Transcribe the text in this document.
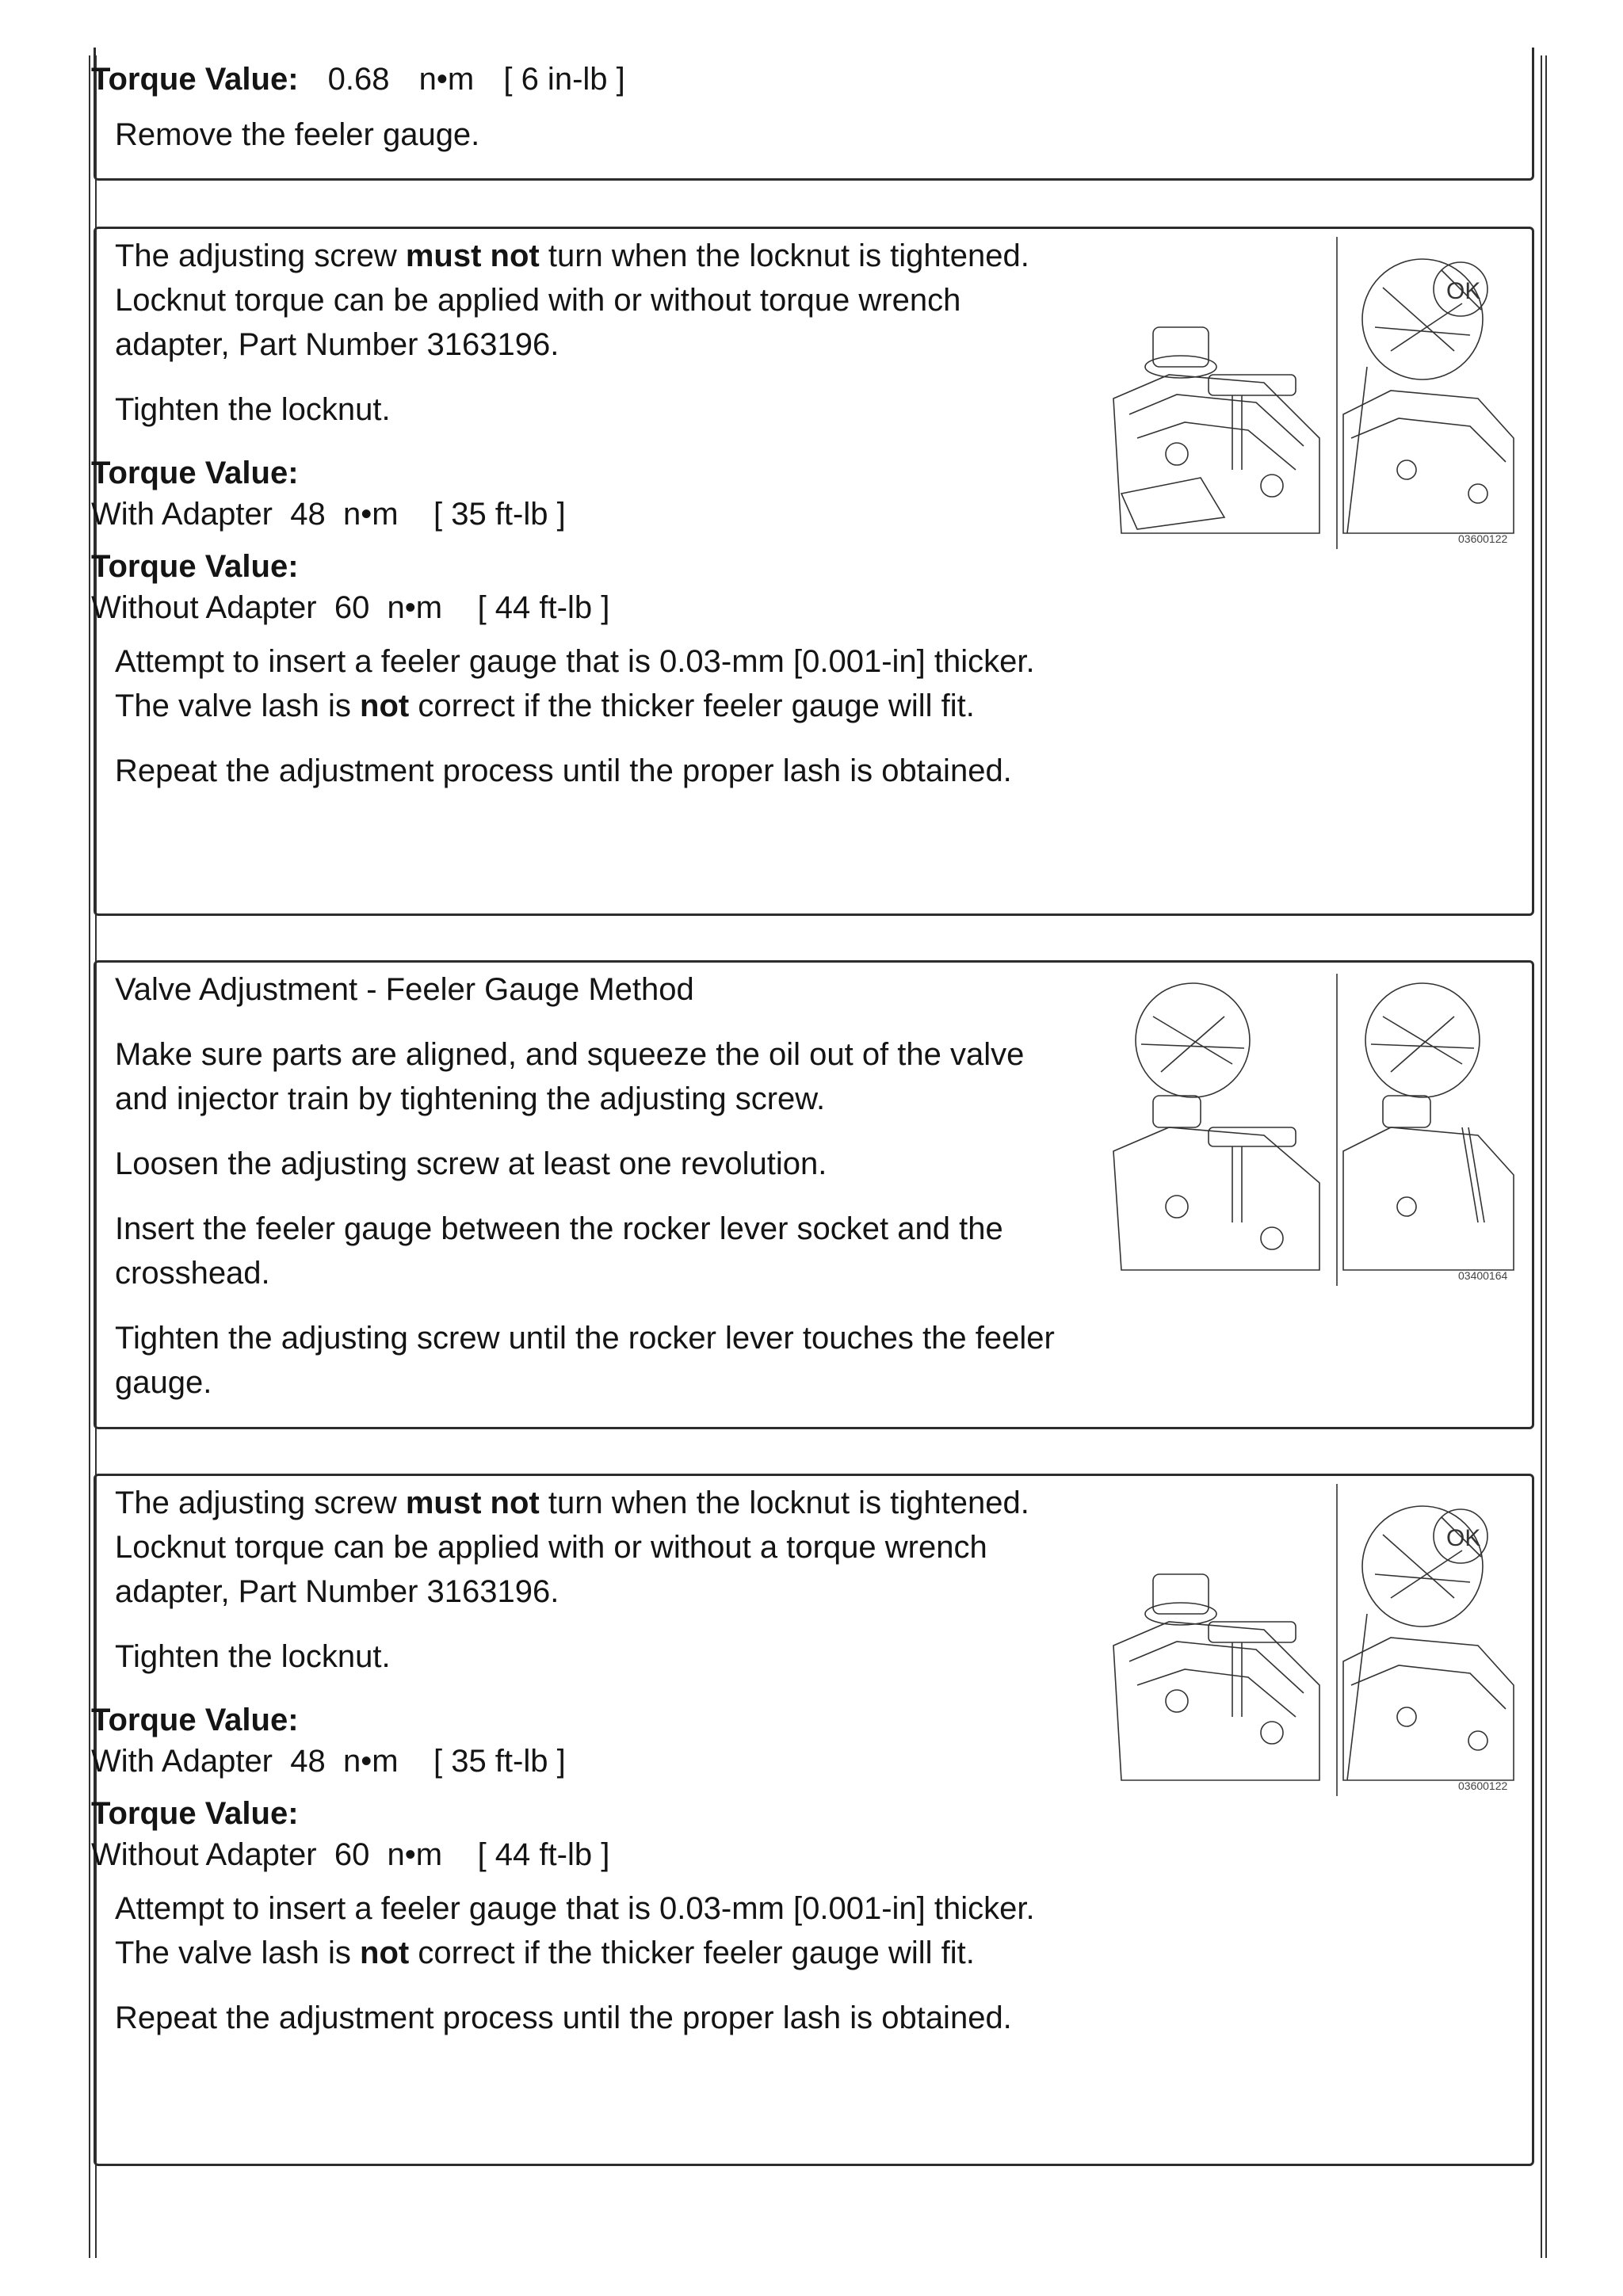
Torque Value: 0.68 n•m [ 6 in-lb ]

Remove the feeler gauge.

The adjusting screw must not turn when the locknut is tightened. Locknut torque can be applied with or without torque wrench adapter, Part Number 3163196.

Tighten the locknut.

Torque Value:

With Adapter  48  n•m    [ 35 ft-lb ]

Torque Value:

Without Adapter  60  n•m    [ 44 ft-lb ]

Attempt to insert a feeler gauge that is 0.03-mm [0.001-in] thicker. The valve lash is not correct if the thicker feeler gauge will fit.

Repeat the adjustment process until the proper lash is obtained.

OK
03600122

Valve Adjustment - Feeler Gauge Method

Make sure parts are aligned, and squeeze the oil out of the valve and injector train by tightening the adjusting screw.

Loosen the adjusting screw at least one revolution.

Insert the feeler gauge between the rocker lever socket and the crosshead.

Tighten the adjusting screw until the rocker lever touches the feeler gauge.

03400164

The adjusting screw must not turn when the locknut is tightened. Locknut torque can be applied with or without a torque wrench adapter, Part Number 3163196.

Tighten the locknut.

Torque Value:

With Adapter  48  n•m    [ 35 ft-lb ]

Torque Value:

Without Adapter  60  n•m    [ 44 ft-lb ]

Attempt to insert a feeler gauge that is 0.03-mm [0.001-in] thicker. The valve lash is not correct if the thicker feeler gauge will fit.

Repeat the adjustment process until the proper lash is obtained.

OK
03600122
